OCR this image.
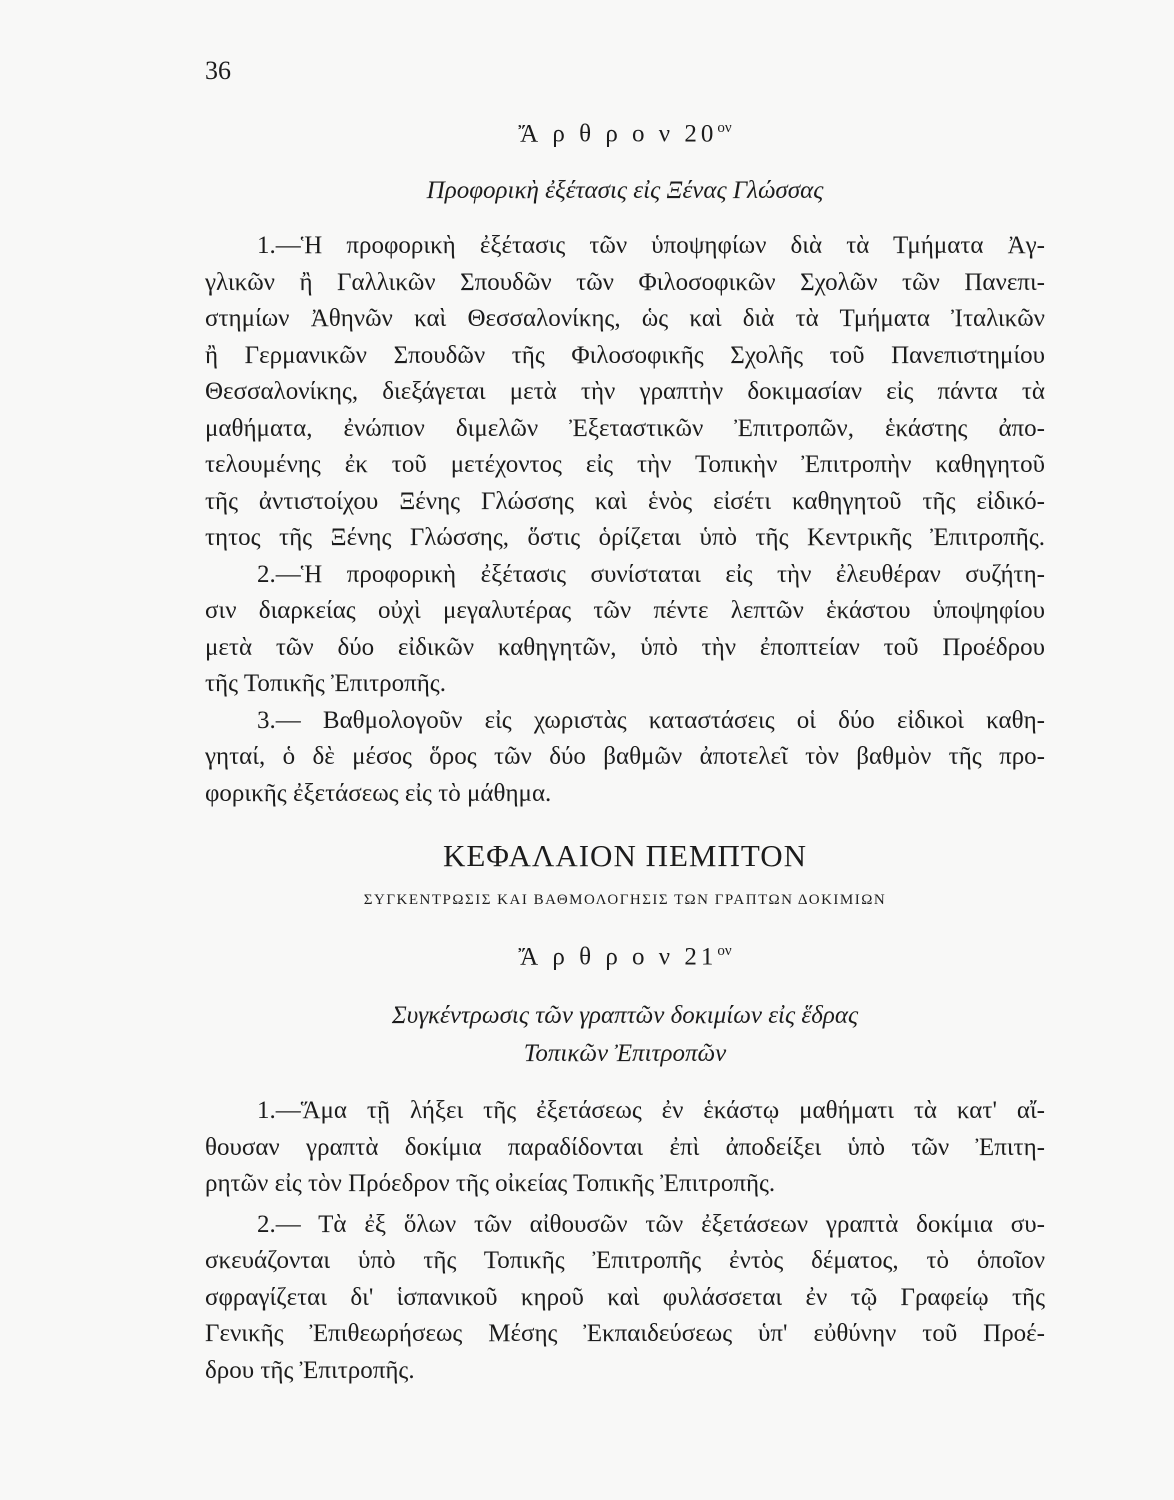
36
Ἄ ρ θ ρ ο ν $20^{o\nu}$
Προφορικὴ ἐξέτασις εἰς Ξένας Γλώσσας
1.—Ἡ προφορικὴ ἐξέτασις τῶν ὑποψηφίων διὰ τὰ Τμήματα Ἀγ-
γλικῶν ἢ Γαλλικῶν Σπουδῶν τῶν Φιλοσοφικῶν Σχολῶν τῶν Πανεπι-
στημίων Ἀθηνῶν καὶ Θεσσαλονίκης, ὡς καὶ διὰ τὰ Τμήματα Ἰταλικῶν
ἢ Γερμανικῶν Σπουδῶν τῆς Φιλοσοφικῆς Σχολῆς τοῦ Πανεπιστημίου
Θεσσαλονίκης, διεξάγεται μετὰ τὴν γραπτὴν δοκιμασίαν εἰς πάντα τὰ
μαθήματα, ἐνώπιον διμελῶν Ἐξεταστικῶν Ἐπιτροπῶν, ἑκάστης ἀπο-
τελουμένης ἐκ τοῦ μετέχοντος εἰς τὴν Τοπικὴν Ἐπιτροπὴν καθηγητοῦ
τῆς ἀντιστοίχου Ξένης Γλώσσης καὶ ἑνὸς εἰσέτι καθηγητοῦ τῆς εἰδικό-
τητος τῆς Ξένης Γλώσσης, ὅστις ὁρίζεται ὑπὸ τῆς Κεντρικῆς Ἐπιτροπῆς.
2.—Ἡ προφορικὴ ἐξέτασις συνίσταται εἰς τὴν ἐλευθέραν συζήτη-
σιν διαρκείας οὐχὶ μεγαλυτέρας τῶν πέντε λεπτῶν ἑκάστου ὑποψηφίου
μετὰ τῶν δύο εἰδικῶν καθηγητῶν, ὑπὸ τὴν ἐποπτείαν τοῦ Προέδρου
τῆς Τοπικῆς Ἐπιτροπῆς.
3.— Βαθμολογοῦν εἰς χωριστὰς καταστάσεις οἱ δύο εἰδικοὶ καθη-
γηταί, ὁ δὲ μέσος ὅρος τῶν δύο βαθμῶν ἀποτελεῖ τὸν βαθμὸν τῆς προ-
φορικῆς ἐξετάσεως εἰς τὸ μάθημα.
ΚΕΦΑΛΑΙΟΝ ΠΕΜΠΤΟΝ
ΣΥΓΚΕΝΤΡΩΣΙΣ ΚΑΙ ΒΑΘΜΟΛΟΓΗΣΙΣ ΤΩΝ ΓΡΑΠΤΩΝ ΔΟΚΙΜΙΩΝ
Ἄ ρ θ ρ ο ν $21^{o\nu}$
Συγκέντρωσις τῶν γραπτῶν δοκιμίων εἰς ἕδρας
Τοπικῶν Ἐπιτροπῶν
1.—Ἅμα τῇ λήξει τῆς ἐξετάσεως ἐν ἑκάστῳ μαθήματι τὰ κατ' αἴ-
θουσαν γραπτὰ δοκίμια παραδίδονται ἐπὶ ἀποδείξει ὑπὸ τῶν Ἐπιτη-
ρητῶν εἰς τὸν Πρόεδρον τῆς οἰκείας Τοπικῆς Ἐπιτροπῆς.
2.— Τὰ ἐξ ὅλων τῶν αἰθουσῶν τῶν ἐξετάσεων γραπτὰ δοκίμια συ-
σκευάζονται ὑπὸ τῆς Τοπικῆς Ἐπιτροπῆς ἐντὸς δέματος, τὸ ὁποῖον
σφραγίζεται δι' ἱσπανικοῦ κηροῦ καὶ φυλάσσεται ἐν τῷ Γραφείῳ τῆς
Γενικῆς Ἐπιθεωρήσεως Μέσης Ἐκπαιδεύσεως ὑπ' εὐθύνην τοῦ Προέ-
δρου τῆς Ἐπιτροπῆς.
